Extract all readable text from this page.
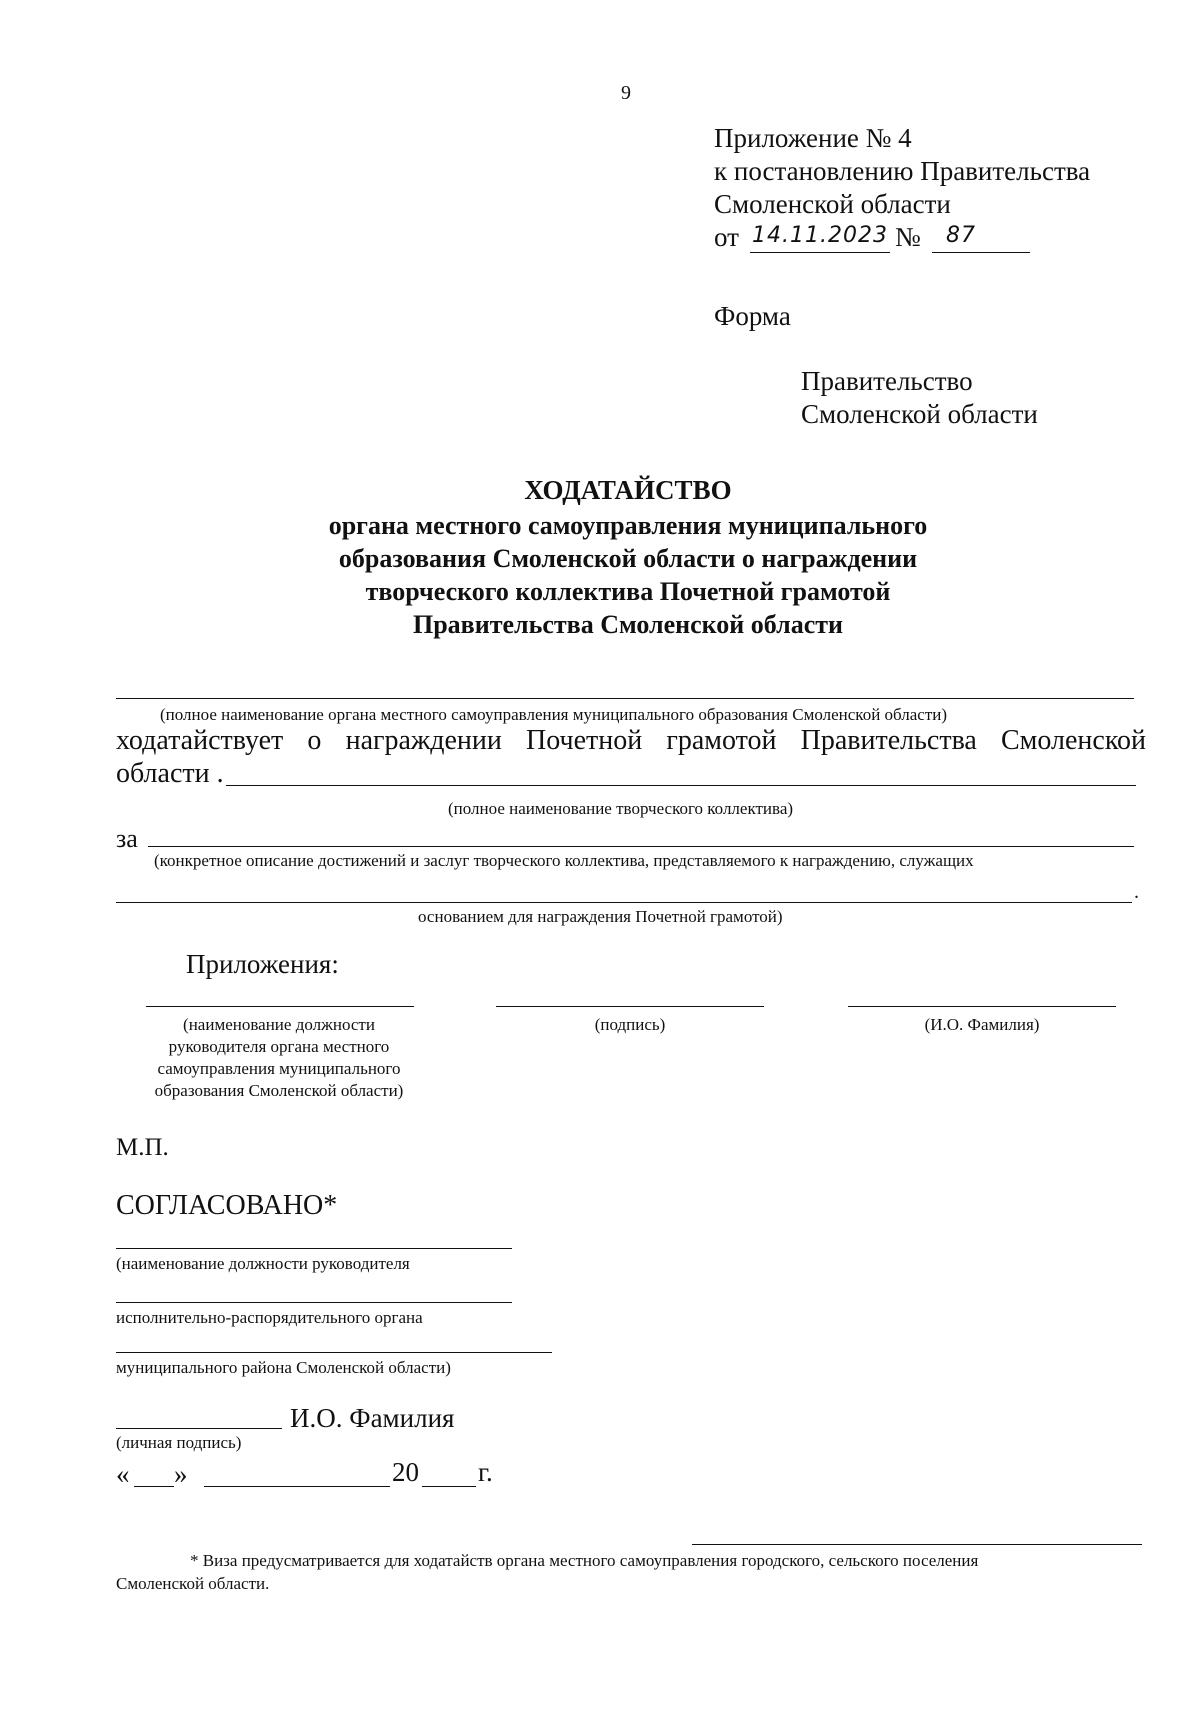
9
Приложение № 4
к постановлению Правительства
Смоленской области
от 14.11.2023 № 87
Форма
Правительство
Смоленской области
ХОДАТАЙСТВО
органа местного самоуправления муниципального
образования Смоленской области о награждении
творческого коллектива Почетной грамотой
Правительства Смоленской области
(полное наименование органа местного самоуправления муниципального образования Смоленской области)
ходатайствует о награждении Почетной грамотой Правительства Смоленской
области .
(полное наименование творческого коллектива)
за
(конкретное описание достижений и заслуг творческого коллектива, представляемого к награждению, служащих
.
основанием для награждения Почетной грамотой)
Приложения:
(наименование должности
руководителя органа местного
самоуправления муниципального
образования Смоленской области)
(подпись)	(И.О. Фамилия)
М.П.
СОГЛАСОВАНО*
(наименование должности руководителя
исполнительно-распорядительного органа
муниципального района Смоленской области)
И.О. Фамилия
(личная подпись)
« »	20 г.
* Виза предусматривается для ходатайств органа местного самоуправления городского, сельского поселения
Смоленской области.
